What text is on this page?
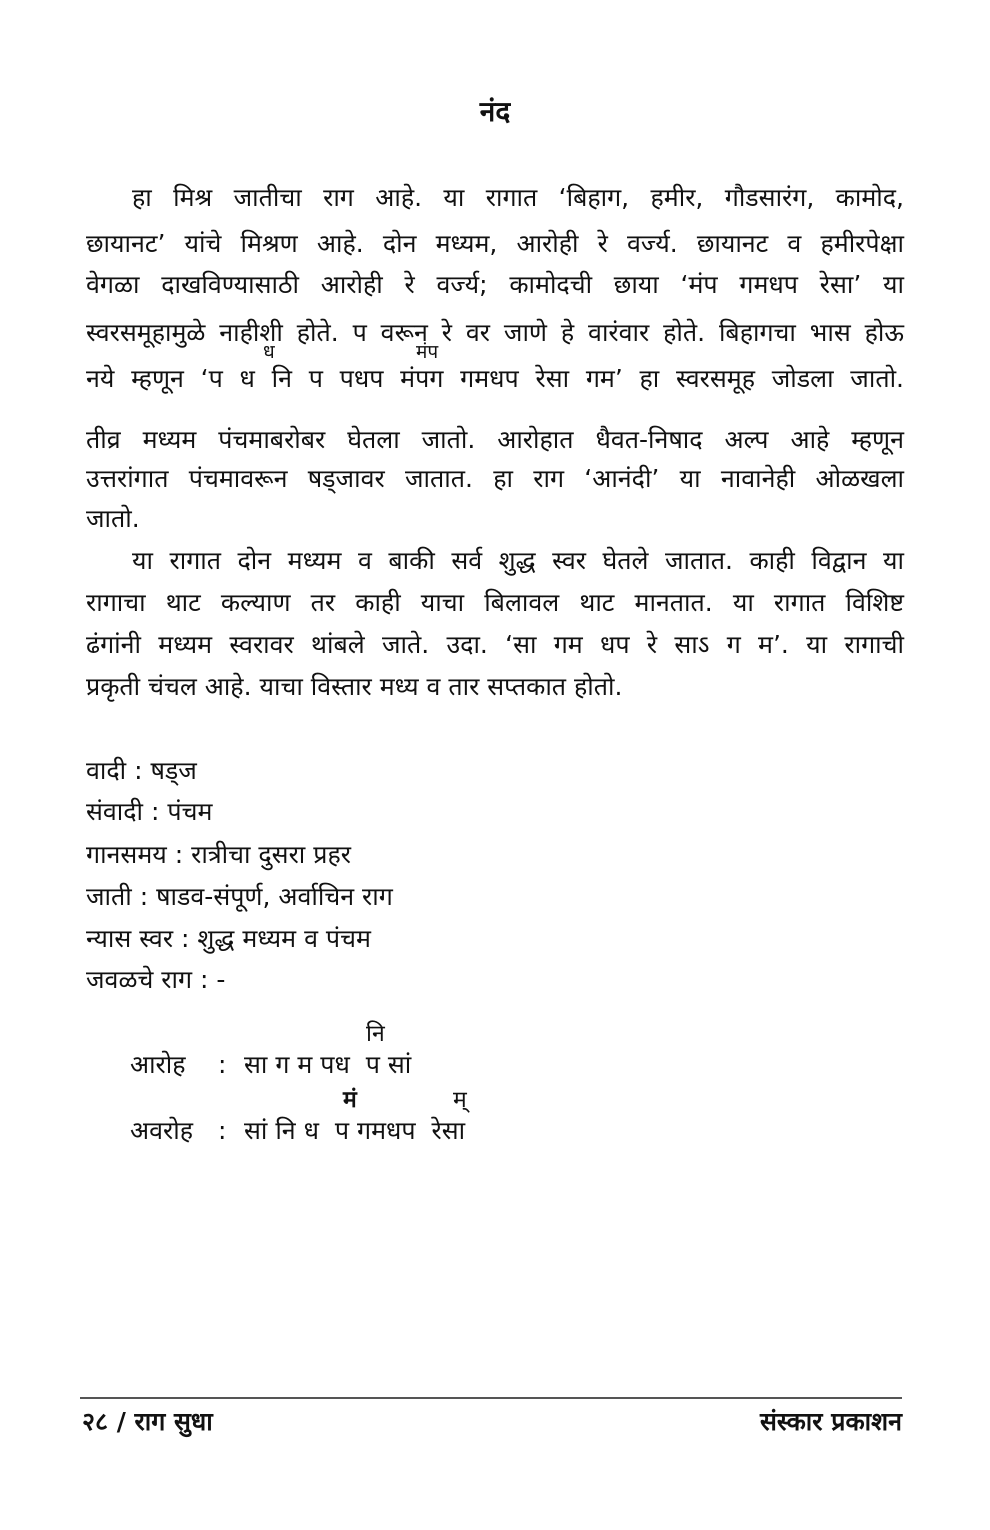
नंद
हा मिश्र जातीचा राग आहे. या रागात ‘बिहाग, हमीर, गौडसारंग, कामोद,
छायानट’ यांचे मिश्रण आहे. दोन मध्यम, आरोही रे वर्ज्य. छायानट व हमीरपेक्षा
वेगळा दाखविण्यासाठी आरोही रे वर्ज्य; कामोदची छाया ‘मंप गमधप रेसा’ या
स्वरसमूहामुळे नाहीशी होते. प वरून रे वर जाणे हे वारंवार होते. बिहागचा भास होऊ
ध	मंप
नये म्हणून ‘प ध नि प पधप मंपग गमधप रेसा गम’ हा स्वरसमूह जोडला जातो.
तीव्र मध्यम पंचमाबरोबर घेतला जातो. आरोहात धैवत-निषाद अल्प आहे म्हणून
उत्तरांगात पंचमावरून षड्जावर जातात. हा राग ‘आनंदी’ या नावानेही ओळखला
जातो.
या रागात दोन मध्यम व बाकी सर्व शुद्ध स्वर घेतले जातात. काही विद्वान या
रागाचा थाट कल्याण तर काही याचा बिलावल थाट मानतात. या रागात विशिष्ट
ढंगांनी मध्यम स्वरावर थांबले जाते. उदा. ‘सा गम धप रे साऽ ग म’. या रागाची
प्रकृती चंचल आहे. याचा विस्तार मध्य व तार सप्तकात होतो.
वादी : षड्ज
संवादी : पंचम
गानसमय : रात्रीचा दुसरा प्रहर
जाती : षाडव-संपूर्ण, अर्वाचिन राग
न्यास स्वर : शुद्ध मध्यम व पंचम
जवळचे राग : -
नि
आरोह : सा ग म पध  प सां
मं	म्
अवरोह : सां नि ध  प गमधप  रेसा
२८ / राग सुधा	संस्कार प्रकाशन
